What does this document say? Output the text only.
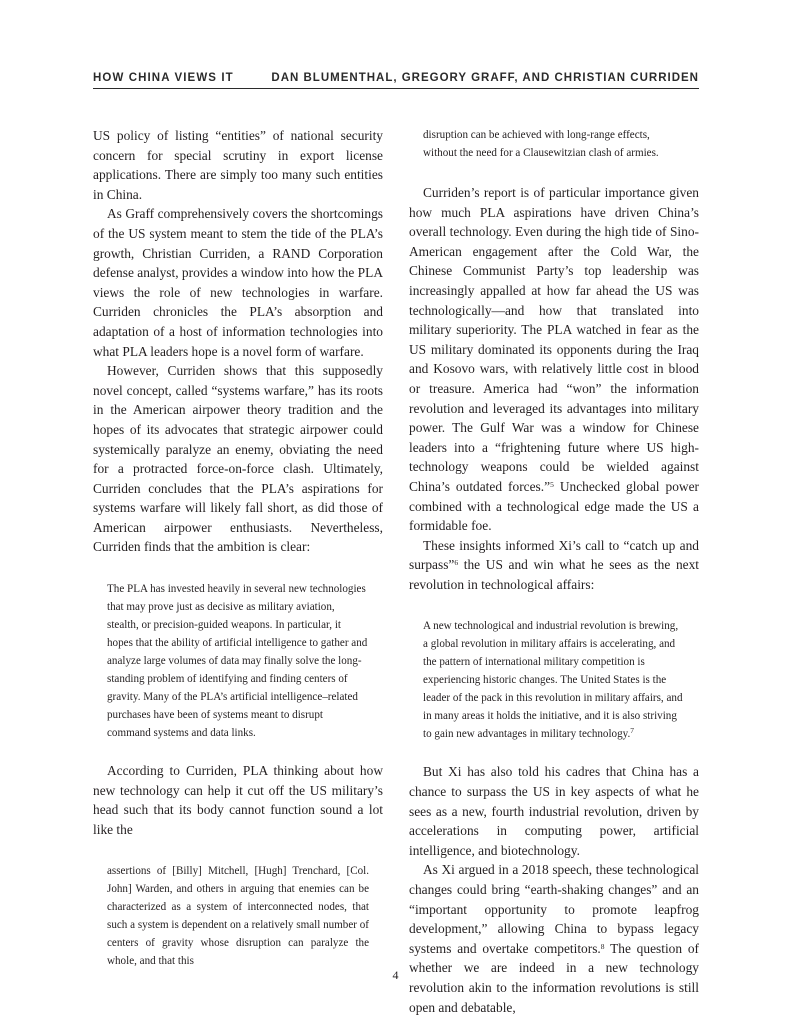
HOW CHINA VIEWS IT	DAN BLUMENTHAL, GREGORY GRAFF, AND CHRISTIAN CURRIDEN

US policy of listing “entities” of national security concern for special scrutiny in export license applications. There are simply too many such entities in China.

As Graff comprehensively covers the shortcomings of the US system meant to stem the tide of the PLA’s growth, Christian Curriden, a RAND Corporation defense analyst, provides a window into how the PLA views the role of new technologies in warfare. Curriden chronicles the PLA’s absorption and adaptation of a host of information technologies into what PLA leaders hope is a novel form of warfare.

However, Curriden shows that this supposedly novel concept, called “systems warfare,” has its roots in the American airpower theory tradition and the hopes of its advocates that strategic airpower could systemically paralyze an enemy, obviating the need for a protracted force-on-force clash. Ultimately, Curriden concludes that the PLA’s aspirations for systems warfare will likely fall short, as did those of American airpower enthusiasts. Nevertheless, Curriden finds that the ambition is clear:

The PLA has invested heavily in several new technologies that may prove just as decisive as military aviation, stealth, or precision-guided weapons. In particular, it hopes that the ability of artificial intelligence to gather and analyze large volumes of data may finally solve the long-standing problem of identifying and finding centers of gravity. Many of the PLA’s artificial intelligence–related purchases have been of systems meant to disrupt command systems and data links.

According to Curriden, PLA thinking about how new technology can help it cut off the US military’s head such that its body cannot function sound a lot like the

assertions of [Billy] Mitchell, [Hugh] Trenchard, [Col. John] Warden, and others in arguing that enemies can be characterized as a system of interconnected nodes, that such a system is dependent on a relatively small number of centers of gravity whose disruption can paralyze the whole, and that this

disruption can be achieved with long-range effects, without the need for a Clausewitzian clash of armies.

Curriden’s report is of particular importance given how much PLA aspirations have driven China’s overall technology. Even during the high tide of Sino-American engagement after the Cold War, the Chinese Communist Party’s top leadership was increasingly appalled at how far ahead the US was technologically—and how that translated into military superiority. The PLA watched in fear as the US military dominated its opponents during the Iraq and Kosovo wars, with relatively little cost in blood or treasure. America had “won” the information revolution and leveraged its advantages into military power. The Gulf War was a window for Chinese leaders into a “frightening future where US high-technology weapons could be wielded against China’s outdated forces.”$^5$ Unchecked global power combined with a technological edge made the US a formidable foe.

These insights informed Xi’s call to “catch up and surpass”$^6$ the US and win what he sees as the next revolution in technological affairs:

A new technological and industrial revolution is brewing, a global revolution in military affairs is accelerating, and the pattern of international military competition is experiencing historic changes. The United States is the leader of the pack in this revolution in military affairs, and in many areas it holds the initiative, and it is also striving to gain new advantages in military technology.$^7$

But Xi has also told his cadres that China has a chance to surpass the US in key aspects of what he sees as a new, fourth industrial revolution, driven by accelerations in computing power, artificial intelligence, and biotechnology.

As Xi argued in a 2018 speech, these technological changes could bring “earth-shaking changes” and an “important opportunity to promote leapfrog development,” allowing China to bypass legacy systems and overtake competitors.$^8$ The question of whether we are indeed in a new technology revolution akin to the information revolutions is still open and debatable,

4
